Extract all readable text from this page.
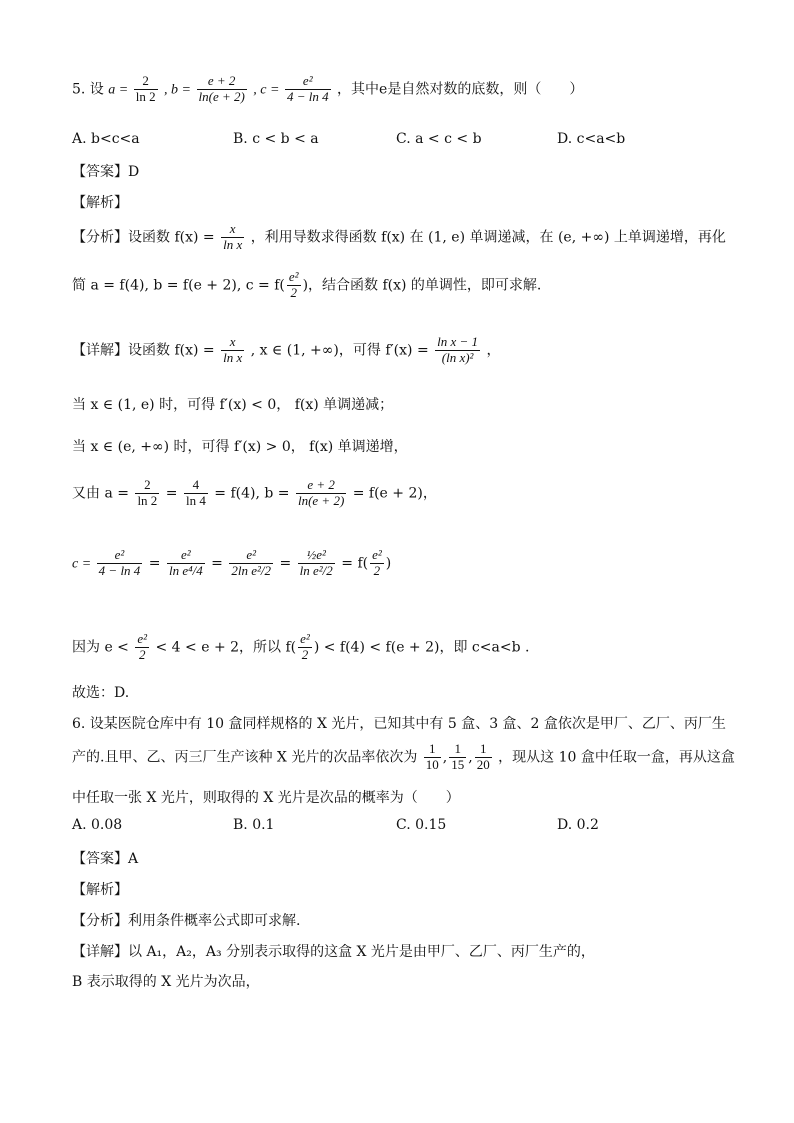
5. 设 $a = \frac{2}{\ln 2}$ , $b = \frac{e + 2}{\ln(e + 2)}$ , $c = \frac{\text{e²}}{4 - \ln 4}$ ，其中e是自然对数的底数，则（　　）
A. b<c<a	B. c < b < a	C. a < c < b	D. c<a<b
【答案】D
【解析】
【分析】设函数 $f(x) = \frac{x}{\text{ln x}}$ ，利用导数求得函数 f(x) 在 (1, e) 单调递减，在 (e, +∞) 上单调递增，再化
简 a = f(4), b = f(e + 2), $c = f( \frac{\text{e²}}{2}$ )，结合函数 f(x) 的单调性，即可求解.
【详解】设函数 $f(x) = \frac{x}{\text{ln x}}$ , x ∈ (1, +∞)，可得 $f'(x) = \frac{\text{ln x − 1}}{\text{(ln x)²}}$ ，
当 x ∈ (1, e) 时，可得 f′(x) < 0， f(x) 单调递减；
当 x ∈ (e, +∞) 时，可得 f′(x) > 0， f(x) 单调递增，
又由 $a = \frac{2}{\ln 2} = \frac{4}{\ln 4} = f(4)$, $b = \frac{e + 2}{\ln(e + 2)} = f(e + 2)$，
$c = \frac{\text{e²}}{4 - \ln 4} = \frac{\text{e²}}{\text{ln e⁴/4}} = \frac{\text{e²}}{\text{2ln e²/2}} = \frac{\text{½e²}}{\text{ln e²/2}} = f( \frac{\text{e²}}{2}$ )
因为 $e < \frac{\text{e²}}{2} < 4 < e + 2$，所以 $f( \frac{\text{e²}}{2}$ ) < f(4) < f(e + 2)，即 c<a<b .
故选：D.
6. 设某医院仓库中有 10 盒同样规格的 X 光片，已知其中有 5 盒、3 盒、2 盒依次是甲厂、乙厂、丙厂生
产的.且甲、乙、丙三厂生产该种 X 光片的次品率依次为 $\frac{1}{10}$ , $\frac{1}{15}$ , $\frac{1}{20}$ ，现从这 10 盒中任取一盒，再从这盒
中任取一张 X 光片，则取得的 X 光片是次品的概率为（　　）
A. 0.08	B. 0.1	C. 0.15	D. 0.2
【答案】A
【解析】
【分析】利用条件概率公式即可求解.
【详解】以 A₁，A₂，A₃ 分别表示取得的这盒 X 光片是由甲厂、乙厂、丙厂生产的，
B 表示取得的 X 光片为次品，
